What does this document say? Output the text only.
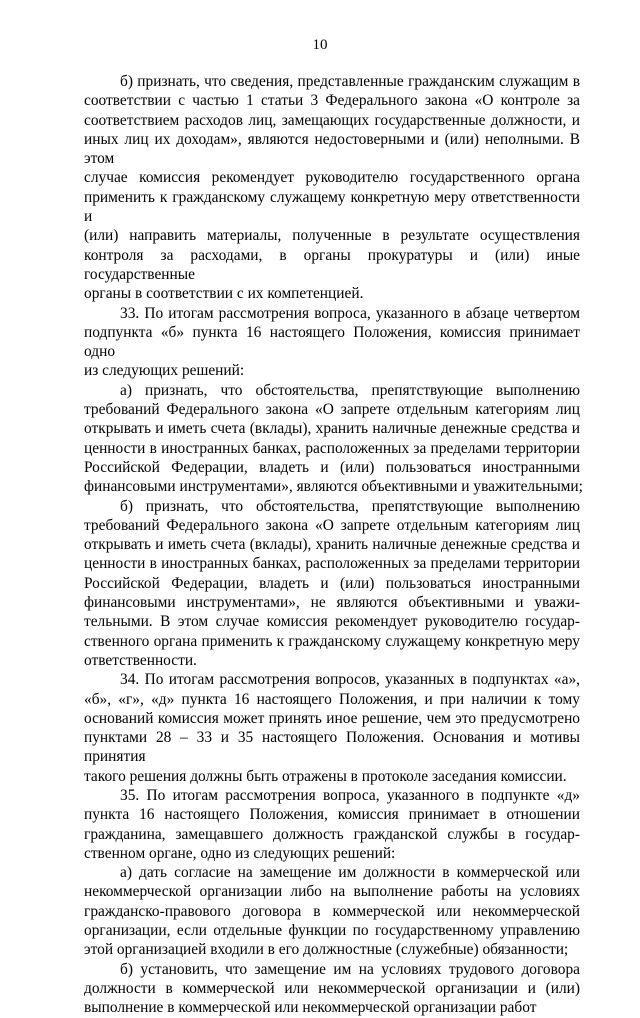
10
б) признать, что сведения, представленные гражданским служащим в
соответствии с частью 1 статьи 3 Федерального закона «О контроле за
соответствием расходов лиц, замещающих государственные должности, и
иных лиц их доходам», являются недостоверными и (или) неполными. В этом
случае комиссия рекомендует руководителю государственного органа
применить к гражданскому служащему конкретную меру ответственности и
(или) направить материалы, полученные в результате осуществления
контроля за расходами, в органы прокуратуры и (или) иные государственные
органы в соответствии с их компетенцией.
33. По итогам рассмотрения вопроса, указанного в абзаце четвертом
подпункта «б» пункта 16 настоящего Положения, комиссия принимает одно
из следующих решений:
а) признать, что обстоятельства, препятствующие выполнению
требований Федерального закона «О запрете отдельным категориям лиц
открывать и иметь счета (вклады), хранить наличные денежные средства и
ценности в иностранных банках, расположенных за пределами территории
Российской Федерации, владеть и (или) пользоваться иностранными
финансовыми инструментами», являются объективными и уважительными;
б) признать, что обстоятельства, препятствующие выполнению
требований Федерального закона «О запрете отдельным категориям лиц
открывать и иметь счета (вклады), хранить наличные денежные средства и
ценности в иностранных банках, расположенных за пределами территории
Российской Федерации, владеть и (или) пользоваться иностранными
финансовыми инструментами», не являются объективными и уважи-
тельными. В этом случае комиссия рекомендует руководителю государ-
ственного органа применить к гражданскому служащему конкретную меру
ответственности.
34. По итогам рассмотрения вопросов, указанных в подпунктах «а»,
«б», «г», «д» пункта 16 настоящего Положения, и при наличии к тому
оснований комиссия может принять иное решение, чем это предусмотрено
пунктами 28 – 33 и 35 настоящего Положения. Основания и мотивы принятия
такого решения должны быть отражены в протоколе заседания комиссии.
35. По итогам рассмотрения вопроса, указанного в подпункте «д»
пункта 16 настоящего Положения, комиссия принимает в отношении
гражданина, замещавшего должность гражданской службы в государ-
ственном органе, одно из следующих решений:
а) дать согласие на замещение им должности в коммерческой или
некоммерческой организации либо на выполнение работы на условиях
гражданско-правового договора в коммерческой или некоммерческой
организации, если отдельные функции по государственному управлению
этой организацией входили в его должностные (служебные) обязанности;
б) установить, что замещение им на условиях трудового договора
должности в коммерческой или некоммерческой организации и (или)
выполнение в коммерческой или некоммерческой организации работ
